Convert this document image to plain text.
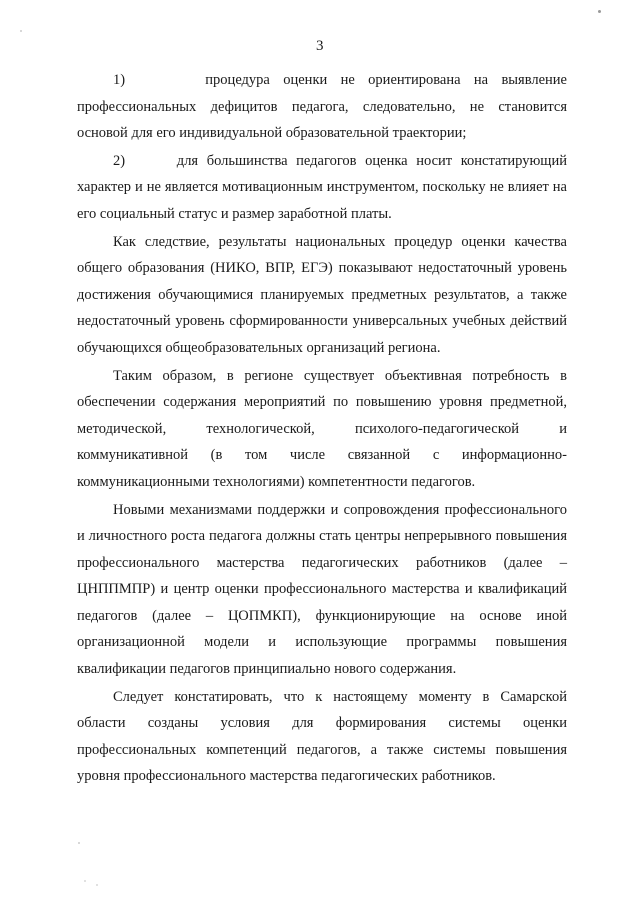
3

1)      процедура оценки не ориентирована на выявление профессиональных дефицитов педагога, следовательно, не становится основой для его индивидуальной образовательной траектории;

2)      для большинства педагогов оценка носит констатирующий характер и не является мотивационным инструментом, поскольку не влияет на его социальный статус и размер заработной платы.

Как следствие, результаты национальных процедур оценки качества общего образования (НИКО, ВПР, ЕГЭ) показывают недостаточный уровень достижения обучающимися планируемых предметных результатов, а также недостаточный уровень сформированности универсальных учебных действий обучающихся общеобразовательных организаций региона.

Таким образом, в регионе существует объективная потребность в обеспечении содержания мероприятий по повышению уровня предметной, методической, технологической, психолого-педагогической и коммуникативной (в том числе связанной с информационно-коммуникационными технологиями) компетентности педагогов.

Новыми механизмами поддержки и сопровождения профессионального и личностного роста педагога должны стать центры непрерывного повышения профессионального мастерства педагогических работников (далее – ЦНППМПР) и центр оценки профессионального мастерства и квалификаций педагогов (далее – ЦОПМКП), функционирующие на основе иной организационной модели и использующие программы повышения квалификации педагогов принципиально нового содержания.

Следует констатировать, что к настоящему моменту в Самарской области созданы условия для формирования системы оценки профессиональных компетенций педагогов, а также системы повышения уровня профессионального мастерства педагогических работников.
